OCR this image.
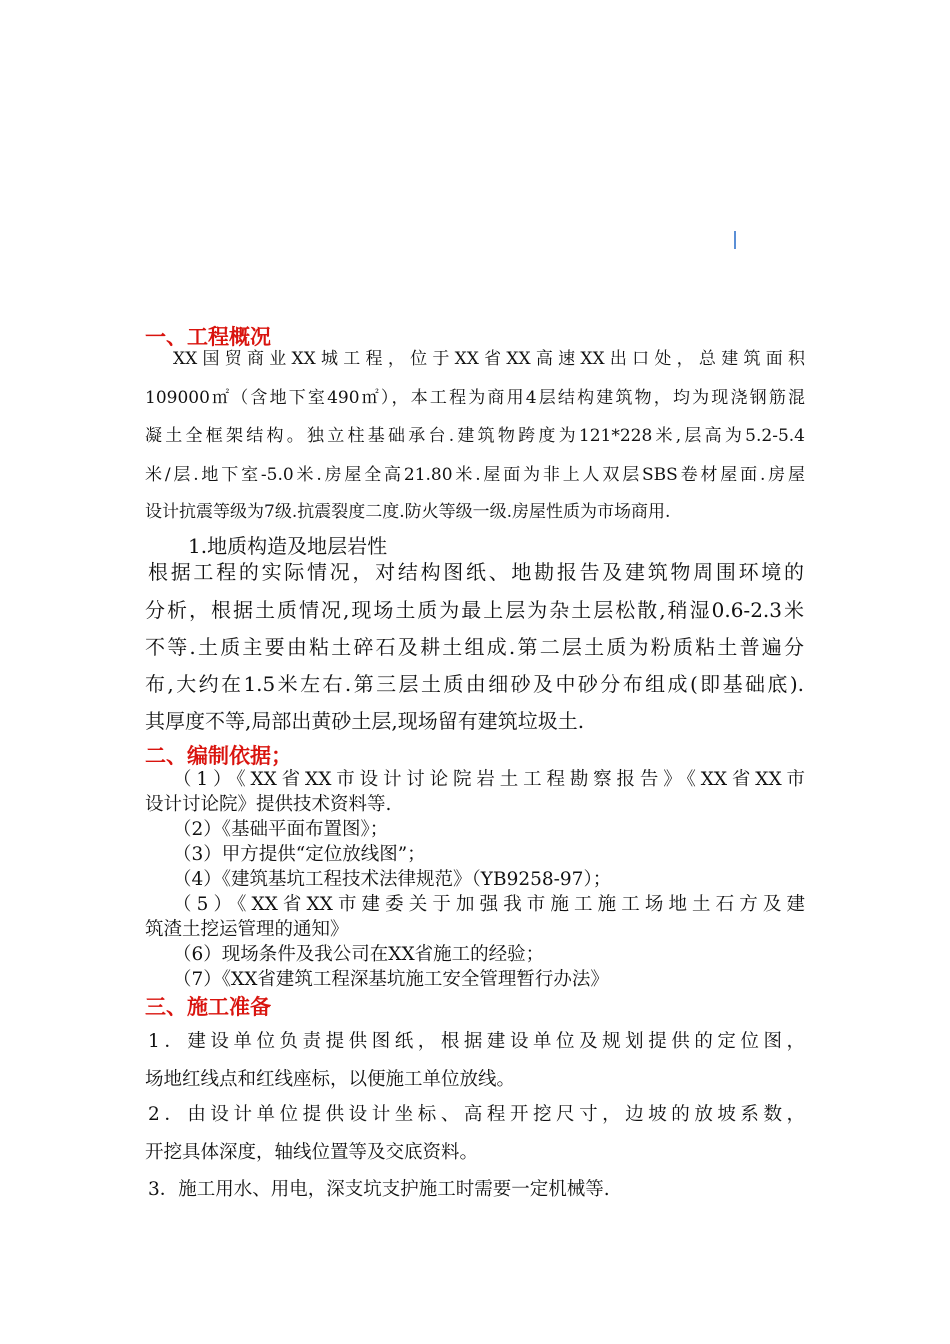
一、工程概况

XX国贸商业XX城工程，位于XX省XX高速XX出口处，总建筑面积

109000㎡（含地下室490㎡），本工程为商用4层结构建筑物，均为现浇钢筋混

凝土全框架结构。独立柱基础承台.建筑物跨度为121*228米,层高为5.2-5.4

米/层.地下室-5.0米.房屋全高21.80米.屋面为非上人双层SBS卷材屋面.房屋

设计抗震等级为7级.抗震裂度二度.防火等级一级.房屋性质为市场商用.

1.地质构造及地层岩性

根据工程的实际情况，对结构图纸、地勘报告及建筑物周围环境的

分析，根据土质情况,现场土质为最上层为杂土层松散,稍湿0.6-2.3米

不等.土质主要由粘土碎石及耕土组成.第二层土质为粉质粘土普遍分

布,大约在1.5米左右.第三层土质由细砂及中砂分布组成(即基础底).

其厚度不等,局部出黄砂土层,现场留有建筑垃圾土.

二、编制依据；

（1）《XX省XX市设计讨论院岩土工程勘察报告》《XX省XX市

设计讨论院》提供技术资料等.

（2）《基础平面布置图》；

（3）甲方提供“定位放线图”；

（4）《建筑基坑工程技术法律规范》（YB9258-97）；

（5）《XX省XX市建委关于加强我市施工施工场地土石方及建

筑渣土挖运管理的通知》

（6）现场条件及我公司在XX省施工的经验；

（7）《XX省建筑工程深基坑施工安全管理暂行办法》

三、施工准备

1．建设单位负责提供图纸，根据建设单位及规划提供的定位图，

场地红线点和红线座标，以便施工单位放线。

2．由设计单位提供设计坐标、高程开挖尺寸，边坡的放坡系数，

开挖具体深度，轴线位置等及交底资料。

3．施工用水、用电，深支坑支护施工时需要一定机械等.
